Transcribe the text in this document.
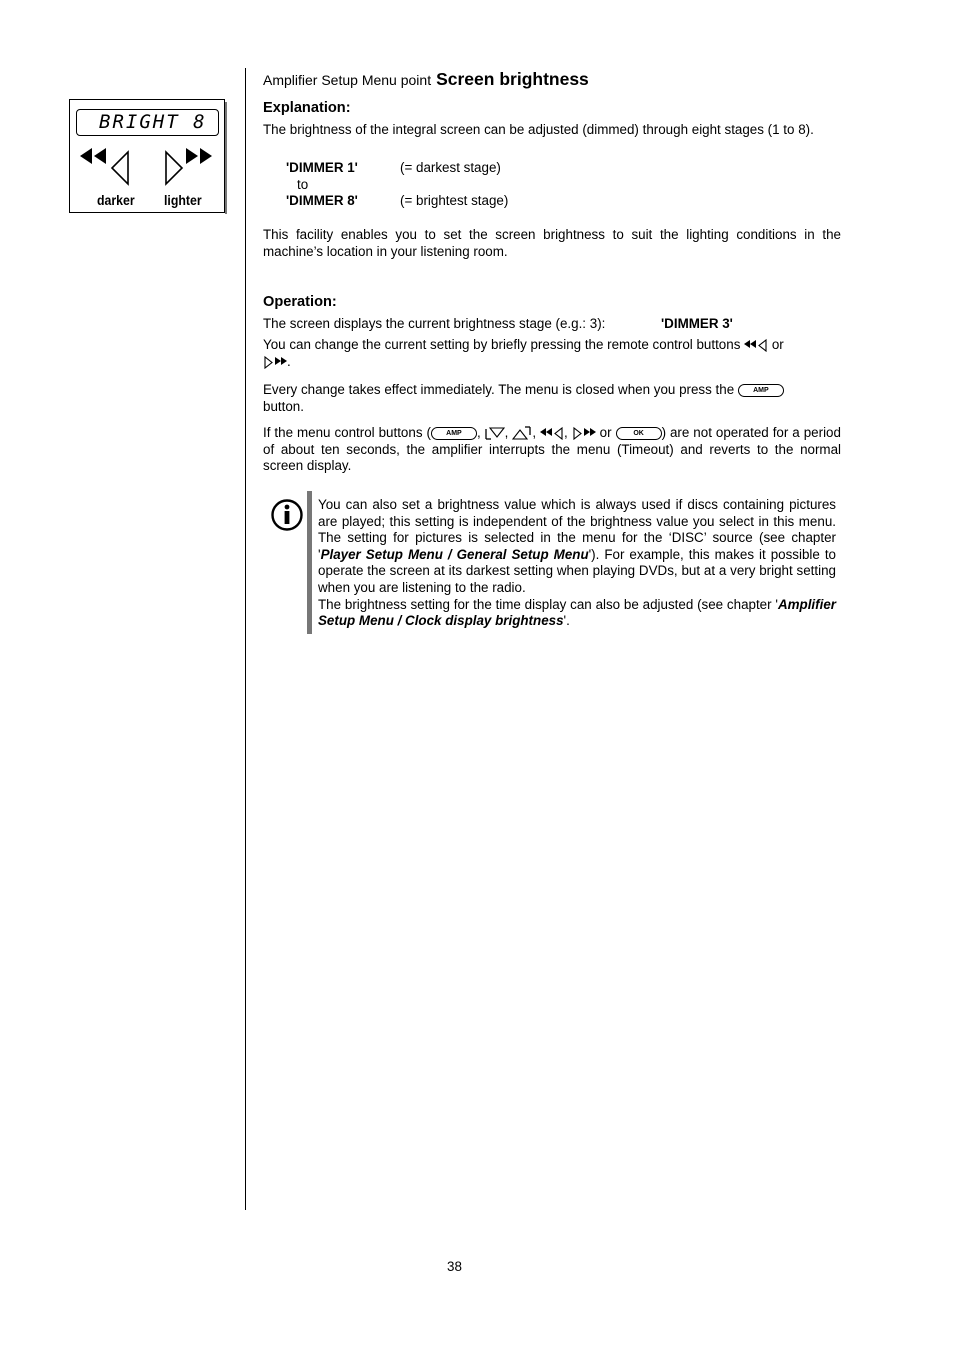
BRIGHT 8
darker lighter
Amplifier Setup Menu point Screen brightness
Explanation:
The brightness of the integral screen can be adjusted (dimmed) through eight stages (1 to 8).
'DIMMER 1'	(= darkest stage)
to
'DIMMER 8'	(= brightest stage)
This facility enables you to set the screen brightness to suit the lighting conditions in the machine’s location in your listening room.
Operation:
The screen displays the current brightness stage (e.g.: 3):	'DIMMER 3'
You can change the current setting by briefly pressing the remote control buttons or
.
Every change takes effect immediately. The menu is closed when you press the	AMP
button.
If the menu control buttons ( AMP , , , ,  or	OK ) are not operated for a period of about ten seconds, the amplifier interrupts the menu (Timeout) and reverts to the normal screen display.
You can also set a brightness value which is always used if discs containing pictures are played; this setting is independent of the brightness value you select in this menu. The setting for pictures is selected in the menu for the ‘DISC’ source (see chapter 'Player Setup Menu / General Setup Menu'). For example, this makes it possible to operate the screen at its darkest setting when playing DVDs, but at a very bright setting when you are listening to the radio.
The brightness setting for the time display can also be adjusted (see chapter 'Amplifier Setup Menu / Clock display brightness'.
38
